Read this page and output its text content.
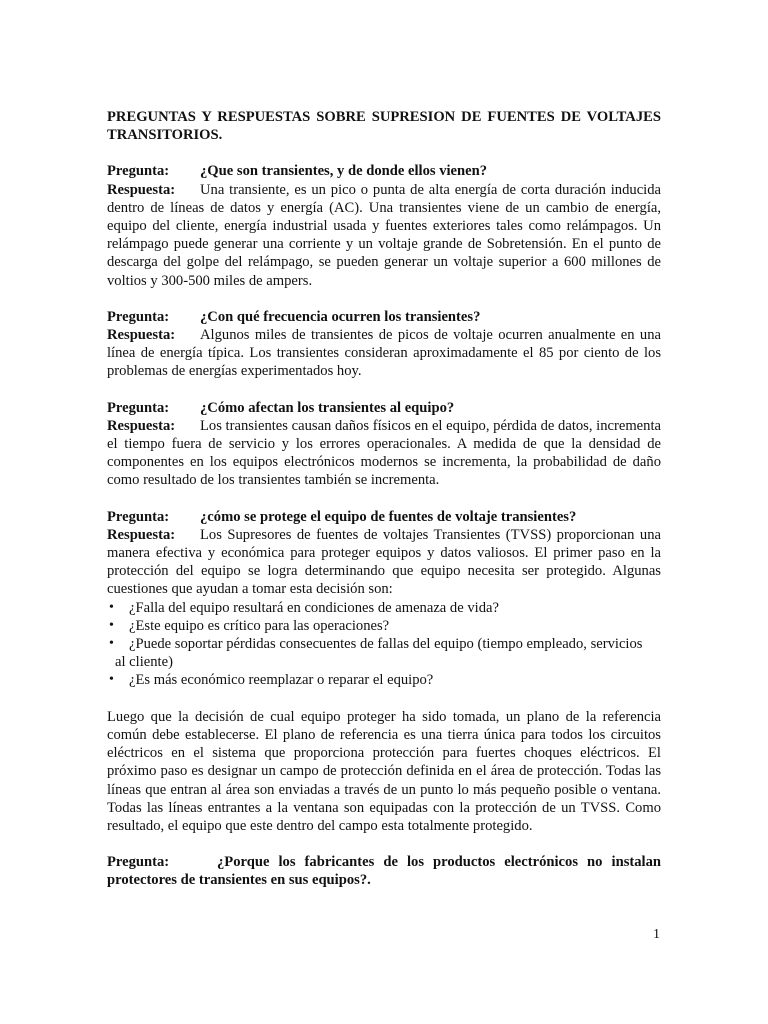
PREGUNTAS Y RESPUESTAS SOBRE SUPRESION DE FUENTES DE VOLTAJES TRANSITORIOS.
Pregunta: ¿Que son transientes, y de donde ellos vienen?
Respuesta: Una transiente, es un pico o punta de alta energía de corta duración inducida dentro de líneas de datos y energía (AC). Una transientes viene de un cambio de energía, equipo del cliente, energía industrial usada y fuentes exteriores tales como relámpagos. Un relámpago puede generar una corriente y un voltaje grande de Sobretensión. En el punto de descarga del golpe del relámpago, se pueden generar un voltaje superior a 600 millones de voltios y 300-500 miles de ampers.
Pregunta: ¿Con qué frecuencia ocurren los transientes?
Respuesta: Algunos miles de transientes de picos de voltaje ocurren anualmente en una línea de energía típica. Los transientes consideran aproximadamente el 85 por ciento de los problemas de energías experimentados hoy.
Pregunta: ¿Cómo afectan los transientes al equipo?
Respuesta: Los transientes causan daños físicos en el equipo, pérdida de datos, incrementa el tiempo fuera de servicio y los errores operacionales. A medida de que la densidad de componentes en los equipos electrónicos modernos se incrementa, la probabilidad de daño como resultado de los transientes también se incrementa.
Pregunta: ¿cómo se protege el equipo de fuentes de voltaje transientes?
Respuesta: Los Supresores de fuentes de voltajes Transientes (TVSS) proporcionan una manera efectiva y económica para proteger equipos y datos valiosos. El primer paso en la protección del equipo se logra determinando que equipo necesita ser protegido. Algunas cuestiones que ayudan a tomar esta decisión son:
• ¿Falla del equipo resultará en condiciones de amenaza de vida?
• ¿Este equipo es crítico para las operaciones?
• ¿Puede soportar pérdidas consecuentes de fallas del equipo (tiempo empleado, servicios
al cliente)
• ¿Es más económico reemplazar o reparar el equipo?
Luego que la decisión de cual equipo proteger ha sido tomada, un plano de la referencia común debe establecerse. El plano de referencia es una tierra única para todos los circuitos eléctricos en el sistema que proporciona protección para fuertes choques eléctricos. El próximo paso es designar un campo de protección definida en el área de protección. Todas las líneas que entran al área son enviadas a través de un punto lo más pequeño posible o ventana. Todas las líneas entrantes a la ventana son equipadas con la protección de un TVSS. Como resultado, el equipo que este dentro del campo esta totalmente protegido.
Pregunta:	¿Porque los fabricantes de los productos electrónicos no instalan protectores de transientes en sus equipos?.
1
